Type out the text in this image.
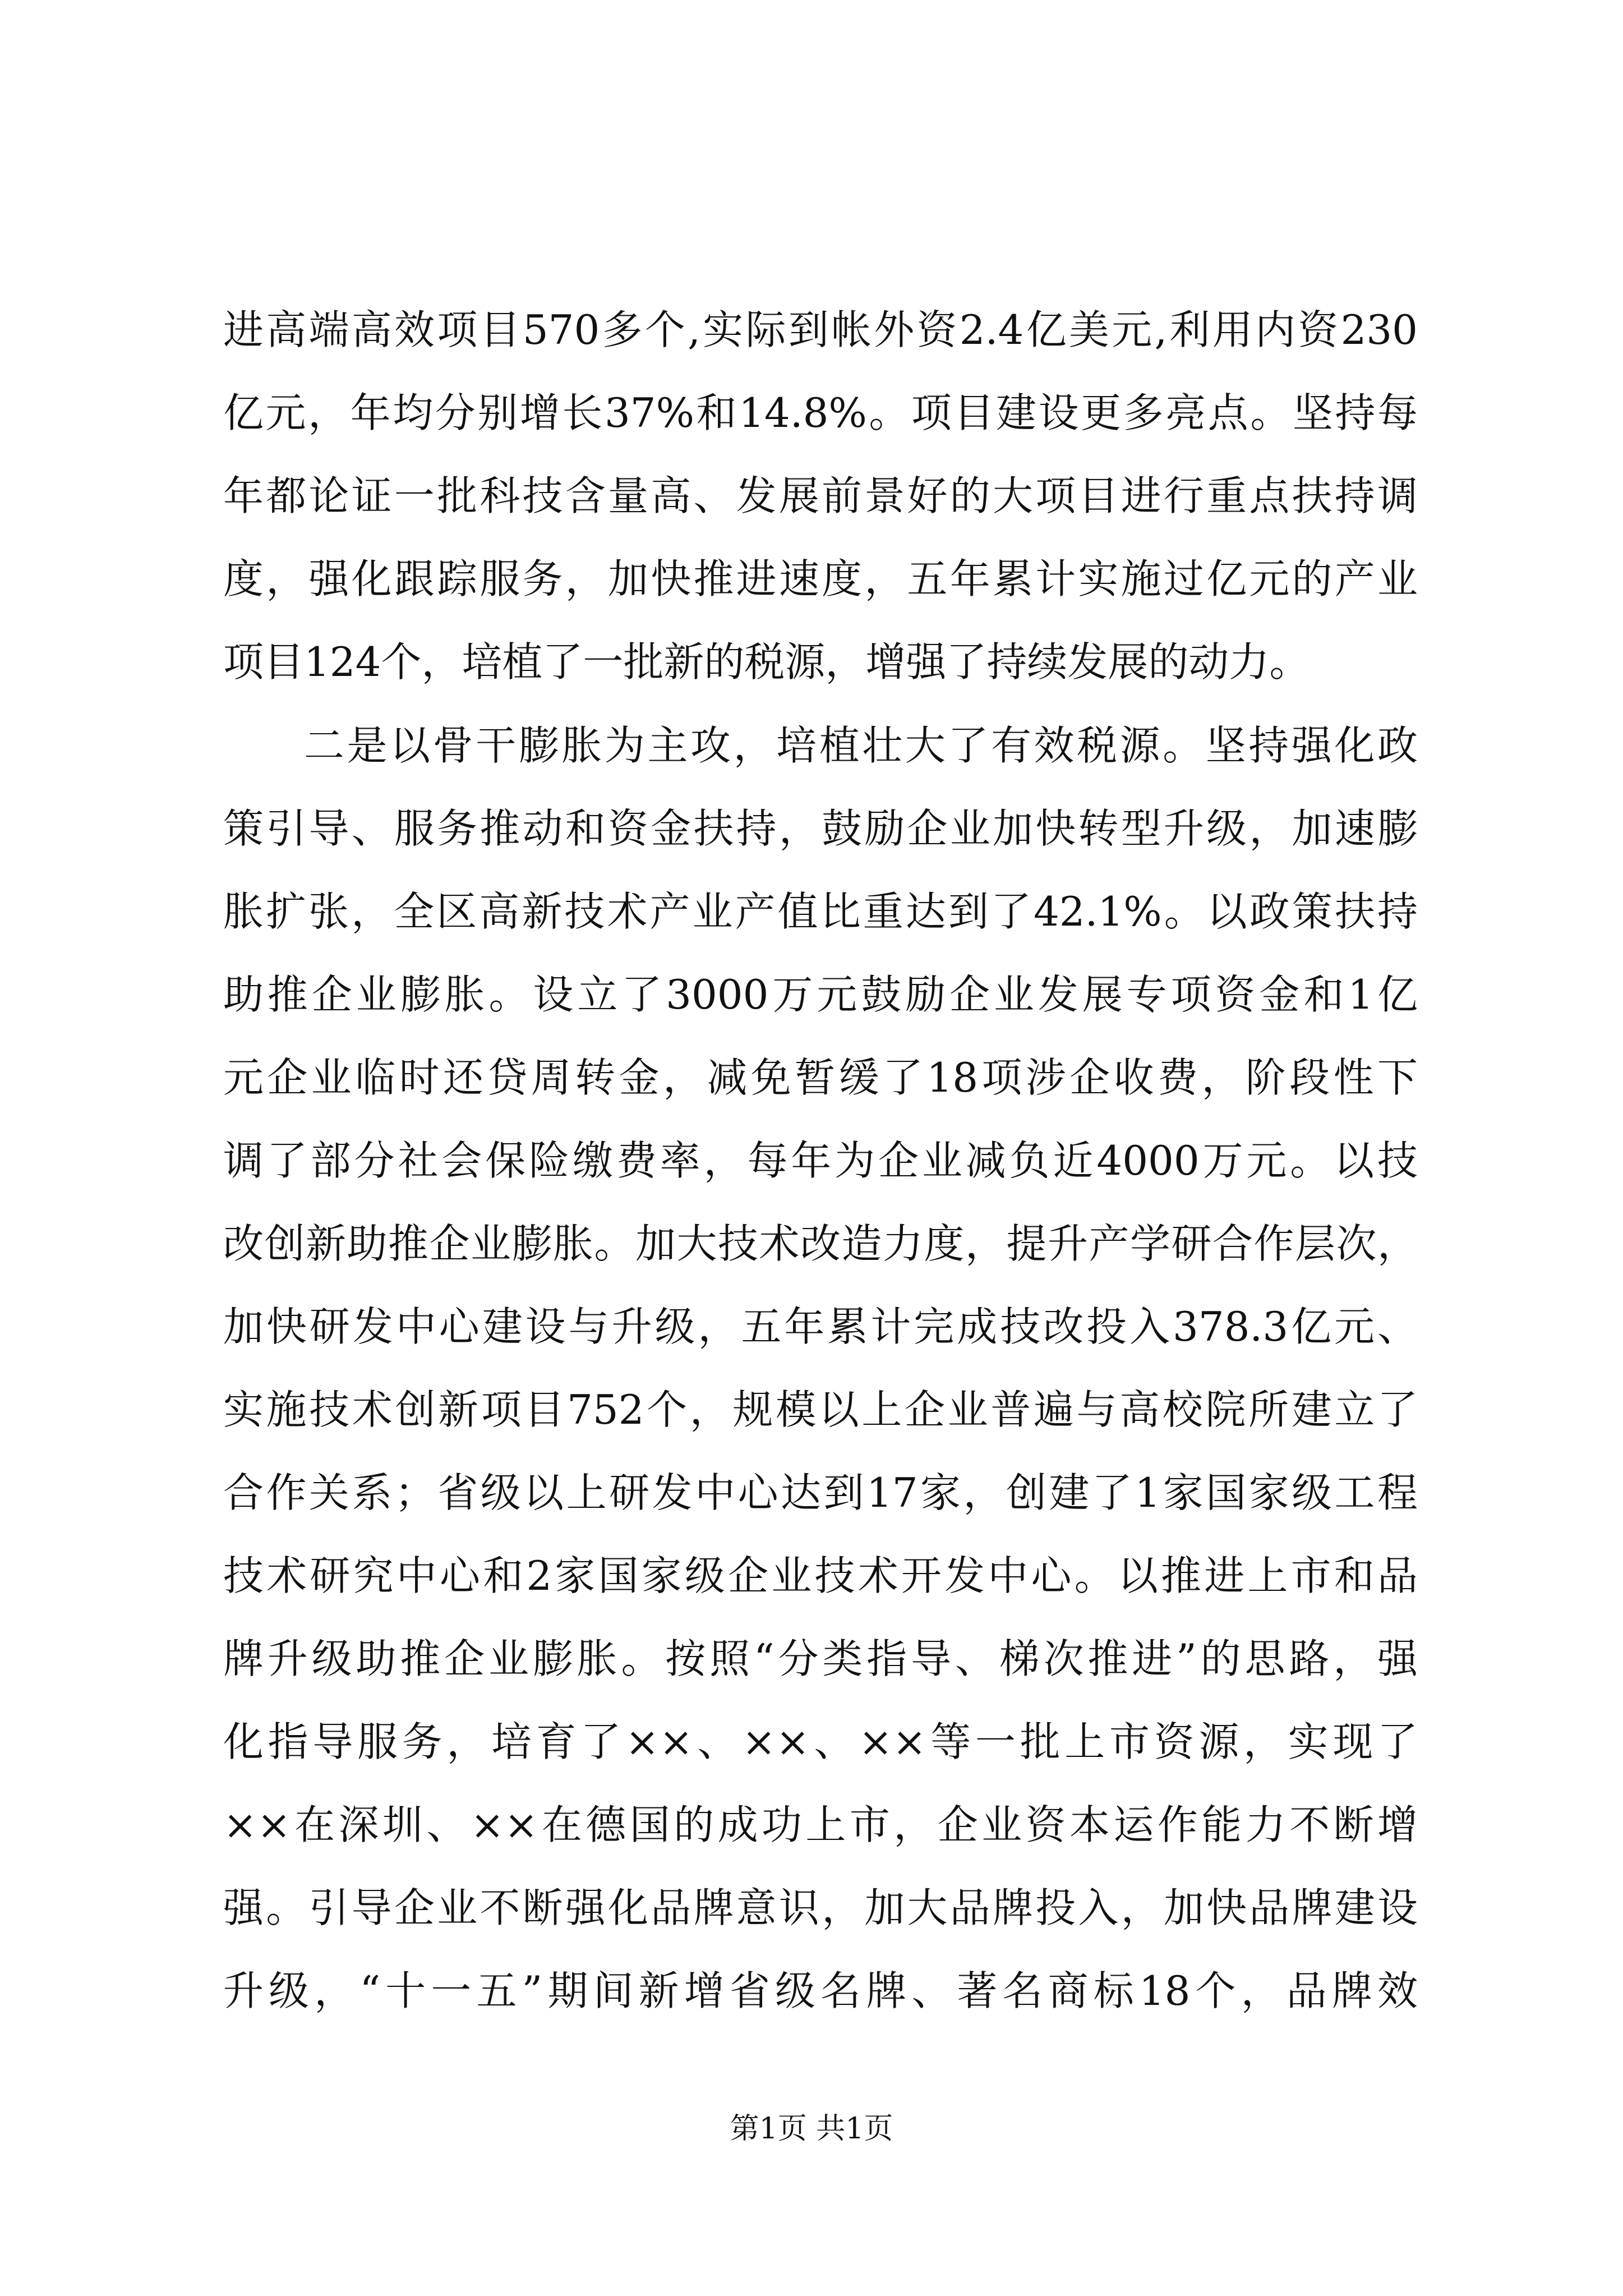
进高端高效项目570多个,实际到帐外资2.4亿美元,利用内资230
亿元，年均分别增长37%和14.8%。项目建设更多亮点。坚持每
年都论证一批科技含量高、发展前景好的大项目进行重点扶持调
度，强化跟踪服务，加快推进速度，五年累计实施过亿元的产业
项目124个，培植了一批新的税源，增强了持续发展的动力。
二是以骨干膨胀为主攻，培植壮大了有效税源。坚持强化政
策引导、服务推动和资金扶持，鼓励企业加快转型升级，加速膨
胀扩张，全区高新技术产业产值比重达到了42.1%。以政策扶持
助推企业膨胀。设立了3000万元鼓励企业发展专项资金和1亿
元企业临时还贷周转金，减免暂缓了18项涉企收费，阶段性下
调了部分社会保险缴费率，每年为企业减负近4000万元。以技
改创新助推企业膨胀。加大技术改造力度，提升产学研合作层次，
加快研发中心建设与升级，五年累计完成技改投入378.3亿元、
实施技术创新项目752个，规模以上企业普遍与高校院所建立了
合作关系；省级以上研发中心达到17家，创建了1家国家级工程
技术研究中心和2家国家级企业技术开发中心。以推进上市和品
牌升级助推企业膨胀。按照“分类指导、梯次推进”的思路，强
化指导服务，培育了××、××、××等一批上市资源，实现了
××在深圳、××在德国的成功上市，企业资本运作能力不断增
强。引导企业不断强化品牌意识，加大品牌投入，加快品牌建设
升级，“十一五”期间新增省级名牌、著名商标18个，品牌效
第1页 共1页
